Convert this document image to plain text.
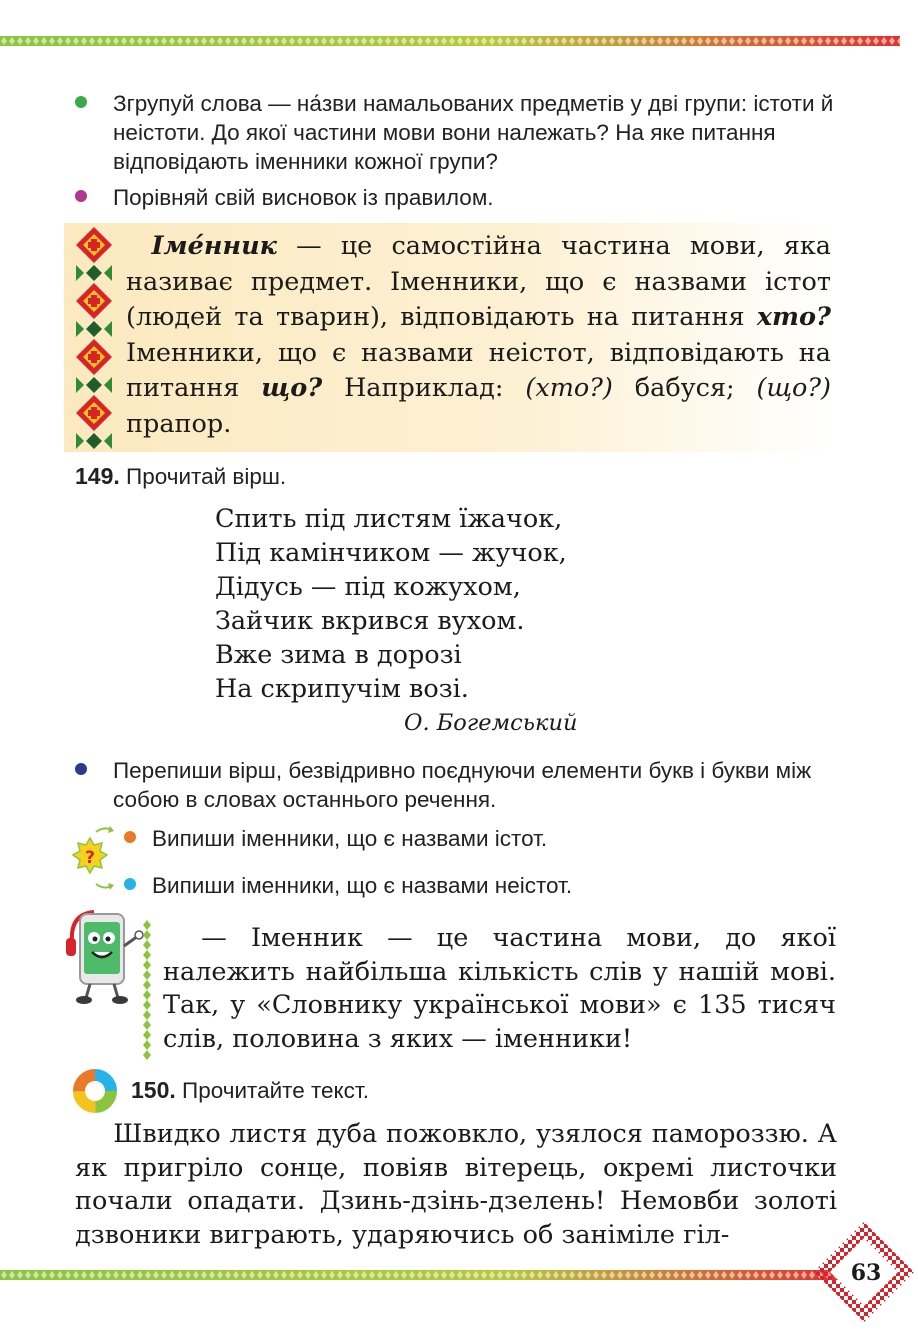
Згрупуй слова — на́зви намальованих предметів у дві групи: істоти й неістоти. До якої частини мови вони належать? На яке питання відповідають іменники кожної групи?
Порівняй свій висновок із правилом.
 Іме́нник — це самостійна частина мови, яка називає предмет. Іменники, що є назвами істот (людей та тварин), відповідають на питання хто? Іменники, що є назвами неістот, відповідають на питання що? Наприклад: (хто?) бабуся; (що?) прапор.
149. Прочитай вірш.
Спить під листям їжачок,
Під камінчиком — жучок,
Дідусь — під кожухом,
Зайчик вкрився вухом.
Вже зима в дорозі
На скрипучім возі.
О. Богемський
Перепиши вірш, безвідривно поєднуючи елементи букв і букви між собою в словах останнього речення.
?
Випиши іменники, що є назвами істот.
Випиши іменники, що є назвами неістот.
  — Іменник — це частина мови, до якої належить найбільша кількість слів у нашій мові. Так, у «Словнику української мови» є 135 тисяч слів, половина з яких — іменники!
150. Прочитайте текст.
  Швидко листя дуба пожовкло, узялося памороззю. А як пригріло сонце, повіяв вітерець, окремі листочки почали опадати. Дзинь-дзінь-дзелень! Немовби золоті дзвоники виграють, ударяючись об заніміле гіл-
63
